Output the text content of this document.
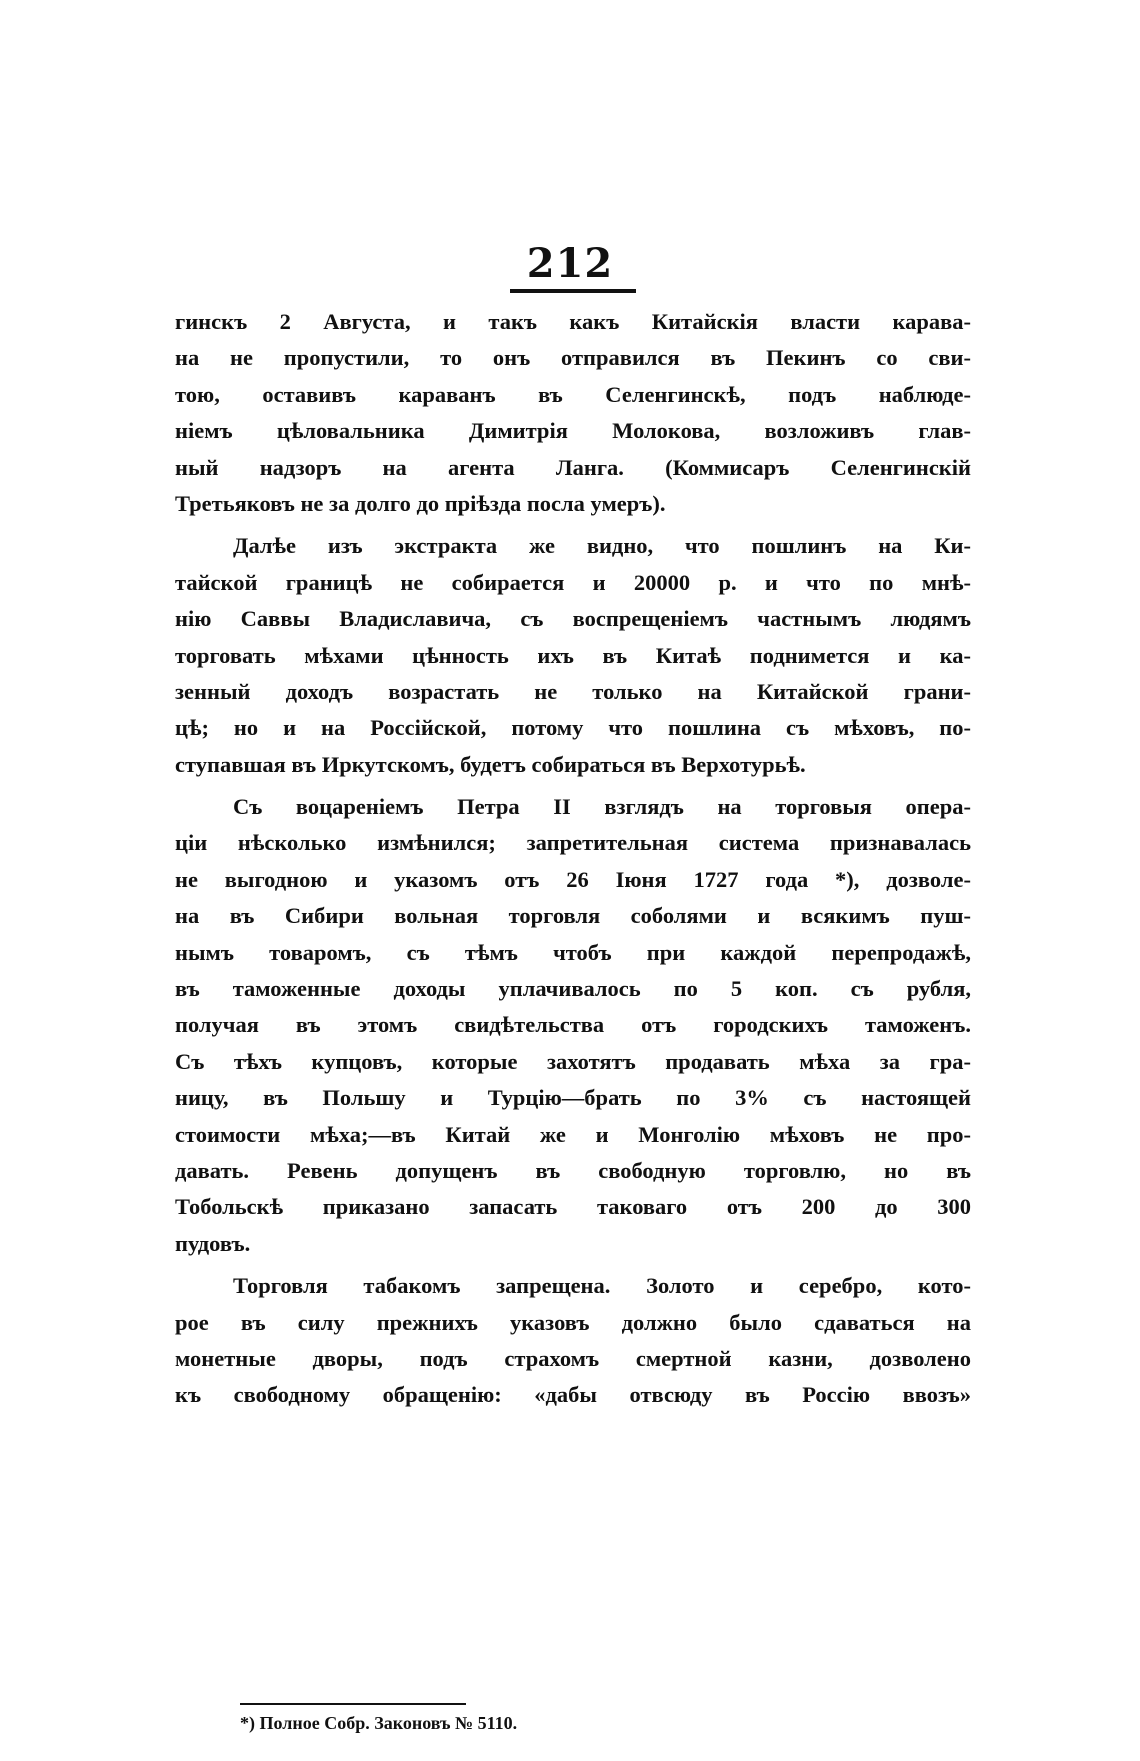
212
гинскъ 2 Августа, и такъ какъ Китайскія власти карава-
на не пропустили, то онъ отправился въ Пекинъ со сви-
тою, оставивъ караванъ въ Селенгинскѣ, подъ наблюде-
ніемъ цѣловальника Димитрія Молокова, возложивъ глав-
ный надзоръ на агента Ланга. (Коммисаръ Селенгинскій
Третьяковъ не за долго до пріѣзда посла умеръ).
Далѣе изъ экстракта же видно, что пошлинъ на Ки-
тайской границѣ не собирается и 20000 р. и что по мнѣ-
нію Саввы Владиславича, съ воспрещеніемъ частнымъ людямъ
торговать мѣхами цѣнность ихъ въ Китаѣ поднимется и ка-
зенный доходъ возрастать не только на Китайской грани-
цѣ; но и на Россійской, потому что пошлина съ мѣховъ, по-
ступавшая въ Иркутскомъ, будетъ собираться въ Верхотурьѣ.
Съ воцареніемъ Петра II взглядъ на торговыя опера-
ціи нѣсколько измѣнился; запретительная система признавалась
не выгодною и указомъ отъ 26 Іюня 1727 года *), дозволе-
на въ Сибири вольная торговля соболями и всякимъ пуш-
нымъ товаромъ, съ тѣмъ чтобъ при каждой перепродажѣ,
въ таможенные доходы уплачивалось по 5 коп. съ рубля,
получая въ этомъ свидѣтельства отъ городскихъ таможенъ.
Съ тѣхъ купцовъ, которые захотятъ продавать мѣха за гра-
ницу, въ Польшу и Турцію—брать по 3% съ настоящей
стоимости мѣха;—въ Китай же и Монголію мѣховъ не про-
давать. Ревень допущенъ въ свободную торговлю, но въ
Тобольскѣ приказано запасать таковаго отъ 200 до 300
пудовъ.
Торговля табакомъ запрещена. Золото и серебро, кото-
рое въ силу прежнихъ указовъ должно было сдаваться на
монетные дворы, подъ страхомъ смертной казни, дозволено
къ свободному обращенію: «дабы отвсюду въ Россію ввозъ»
*) Полное Собр. Законовъ № 5110.
